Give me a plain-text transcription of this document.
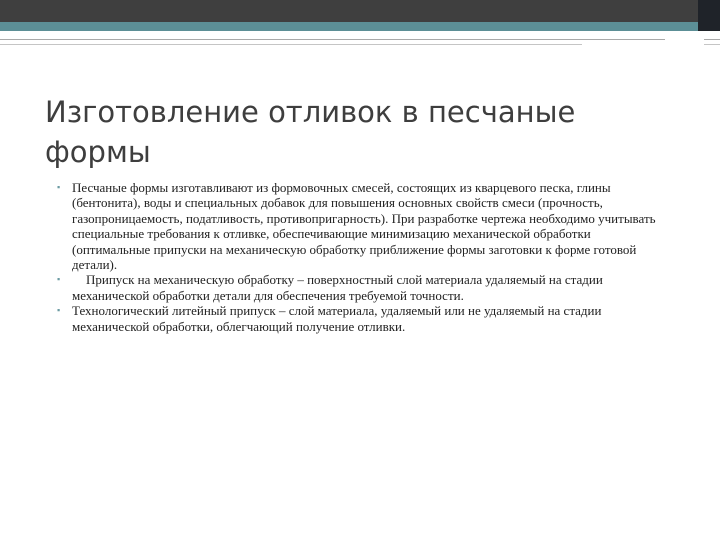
Изготовление отливок в песчаные формы
▪ Песчаные формы изготавливают из формовочных смесей, состоящих из кварцевого песка, глины (бентонита), воды и специальных добавок для повышения основных свойств смеси (прочность, газопроницаемость, податливость, противопригарность). При разработке чертежа необходимо учитывать специальные требования к отливке, обеспечивающие минимизацию механической обработки (оптимальные припуски на механическую обработку приближение формы заготовки к форме готовой детали).
▪ Припуск на механическую обработку – поверхностный слой материала удаляемый на стадии механической обработки детали для обеспечения требуемой точности.
▪ Технологический литейный припуск – слой материала, удаляемый или не удаляемый на стадии механической обработки, облегчающий получение отливки.
